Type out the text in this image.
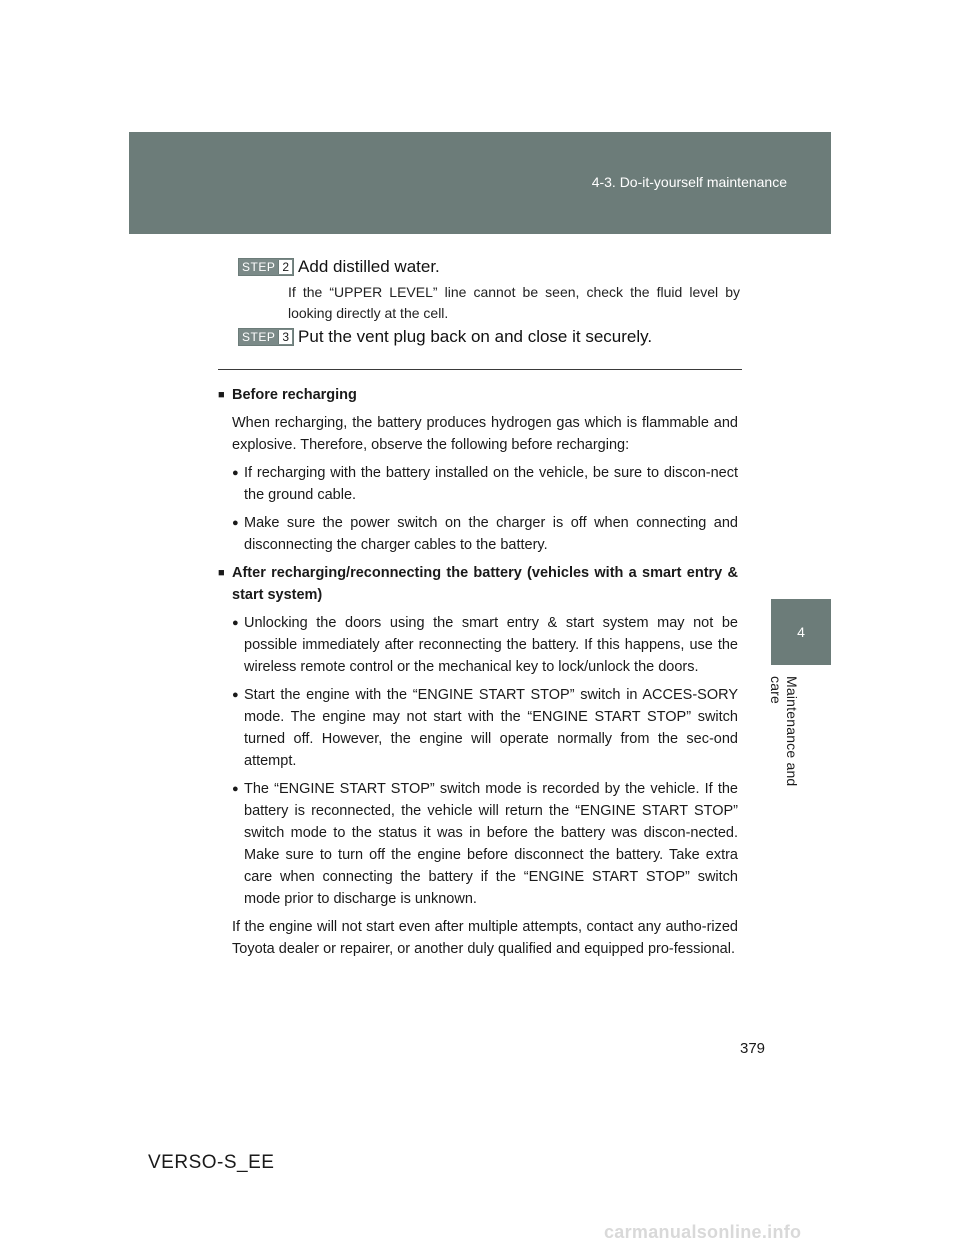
4-3. Do-it-yourself maintenance
4
Maintenance and care
STEP 2 Add distilled water.
If the “UPPER LEVEL” line cannot be seen, check the fluid level by looking directly at the cell.
STEP 3 Put the vent plug back on and close it securely.

■ Before recharging

When recharging, the battery produces hydrogen gas which is flammable and explosive. Therefore, observe the following before recharging:

● If recharging with the battery installed on the vehicle, be sure to discon-nect the ground cable.
● Make sure the power switch on the charger is off when connecting and disconnecting the charger cables to the battery.

■ After recharging/reconnecting the battery (vehicles with a smart entry & start system)

● Unlocking the doors using the smart entry & start system may not be possible immediately after reconnecting the battery. If this happens, use the wireless remote control or the mechanical key to lock/unlock the doors.
● Start the engine with the “ENGINE START STOP” switch in ACCES-SORY mode. The engine may not start with the “ENGINE START STOP” switch turned off. However, the engine will operate normally from the sec-ond attempt.
● The “ENGINE START STOP” switch mode is recorded by the vehicle. If the battery is reconnected, the vehicle will return the “ENGINE START STOP” switch mode to the status it was in before the battery was discon-nected. Make sure to turn off the engine before disconnect the battery. Take extra care when connecting the battery if the “ENGINE START STOP” switch mode prior to discharge is unknown.

If the engine will not start even after multiple attempts, contact any autho-rized Toyota dealer or repairer, or another duly qualified and equipped pro-fessional.

379
VERSO-S_EE
carmanualsonline.info
